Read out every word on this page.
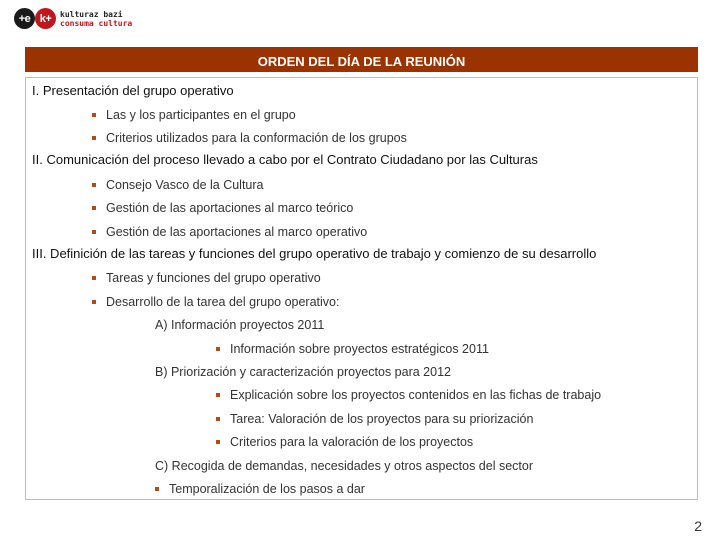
+e k+	kulturaz bazi
consuma cultura
ORDEN DEL DÍA DE LA REUNIÓN
I. Presentación del grupo operativo
Las y los participantes en el grupo
Criterios utilizados para la conformación de los grupos
II. Comunicación del proceso llevado a cabo por el Contrato Ciudadano por las Culturas
Consejo Vasco de la Cultura
Gestión de las aportaciones al marco teórico
Gestión de las aportaciones al marco operativo
III. Definición de las tareas y funciones del grupo operativo de trabajo y comienzo de su desarrollo
Tareas y funciones del grupo operativo
Desarrollo de la tarea del grupo operativo:
A) Información proyectos 2011
Información sobre proyectos estratégicos 2011
B) Priorización y caracterización proyectos para 2012
Explicación sobre los proyectos contenidos en las fichas de trabajo
Tarea: Valoración de los proyectos para su priorización
Criterios para la valoración de los proyectos
C) Recogida de demandas, necesidades y otros aspectos del sector
Temporalización de los pasos a dar
2
